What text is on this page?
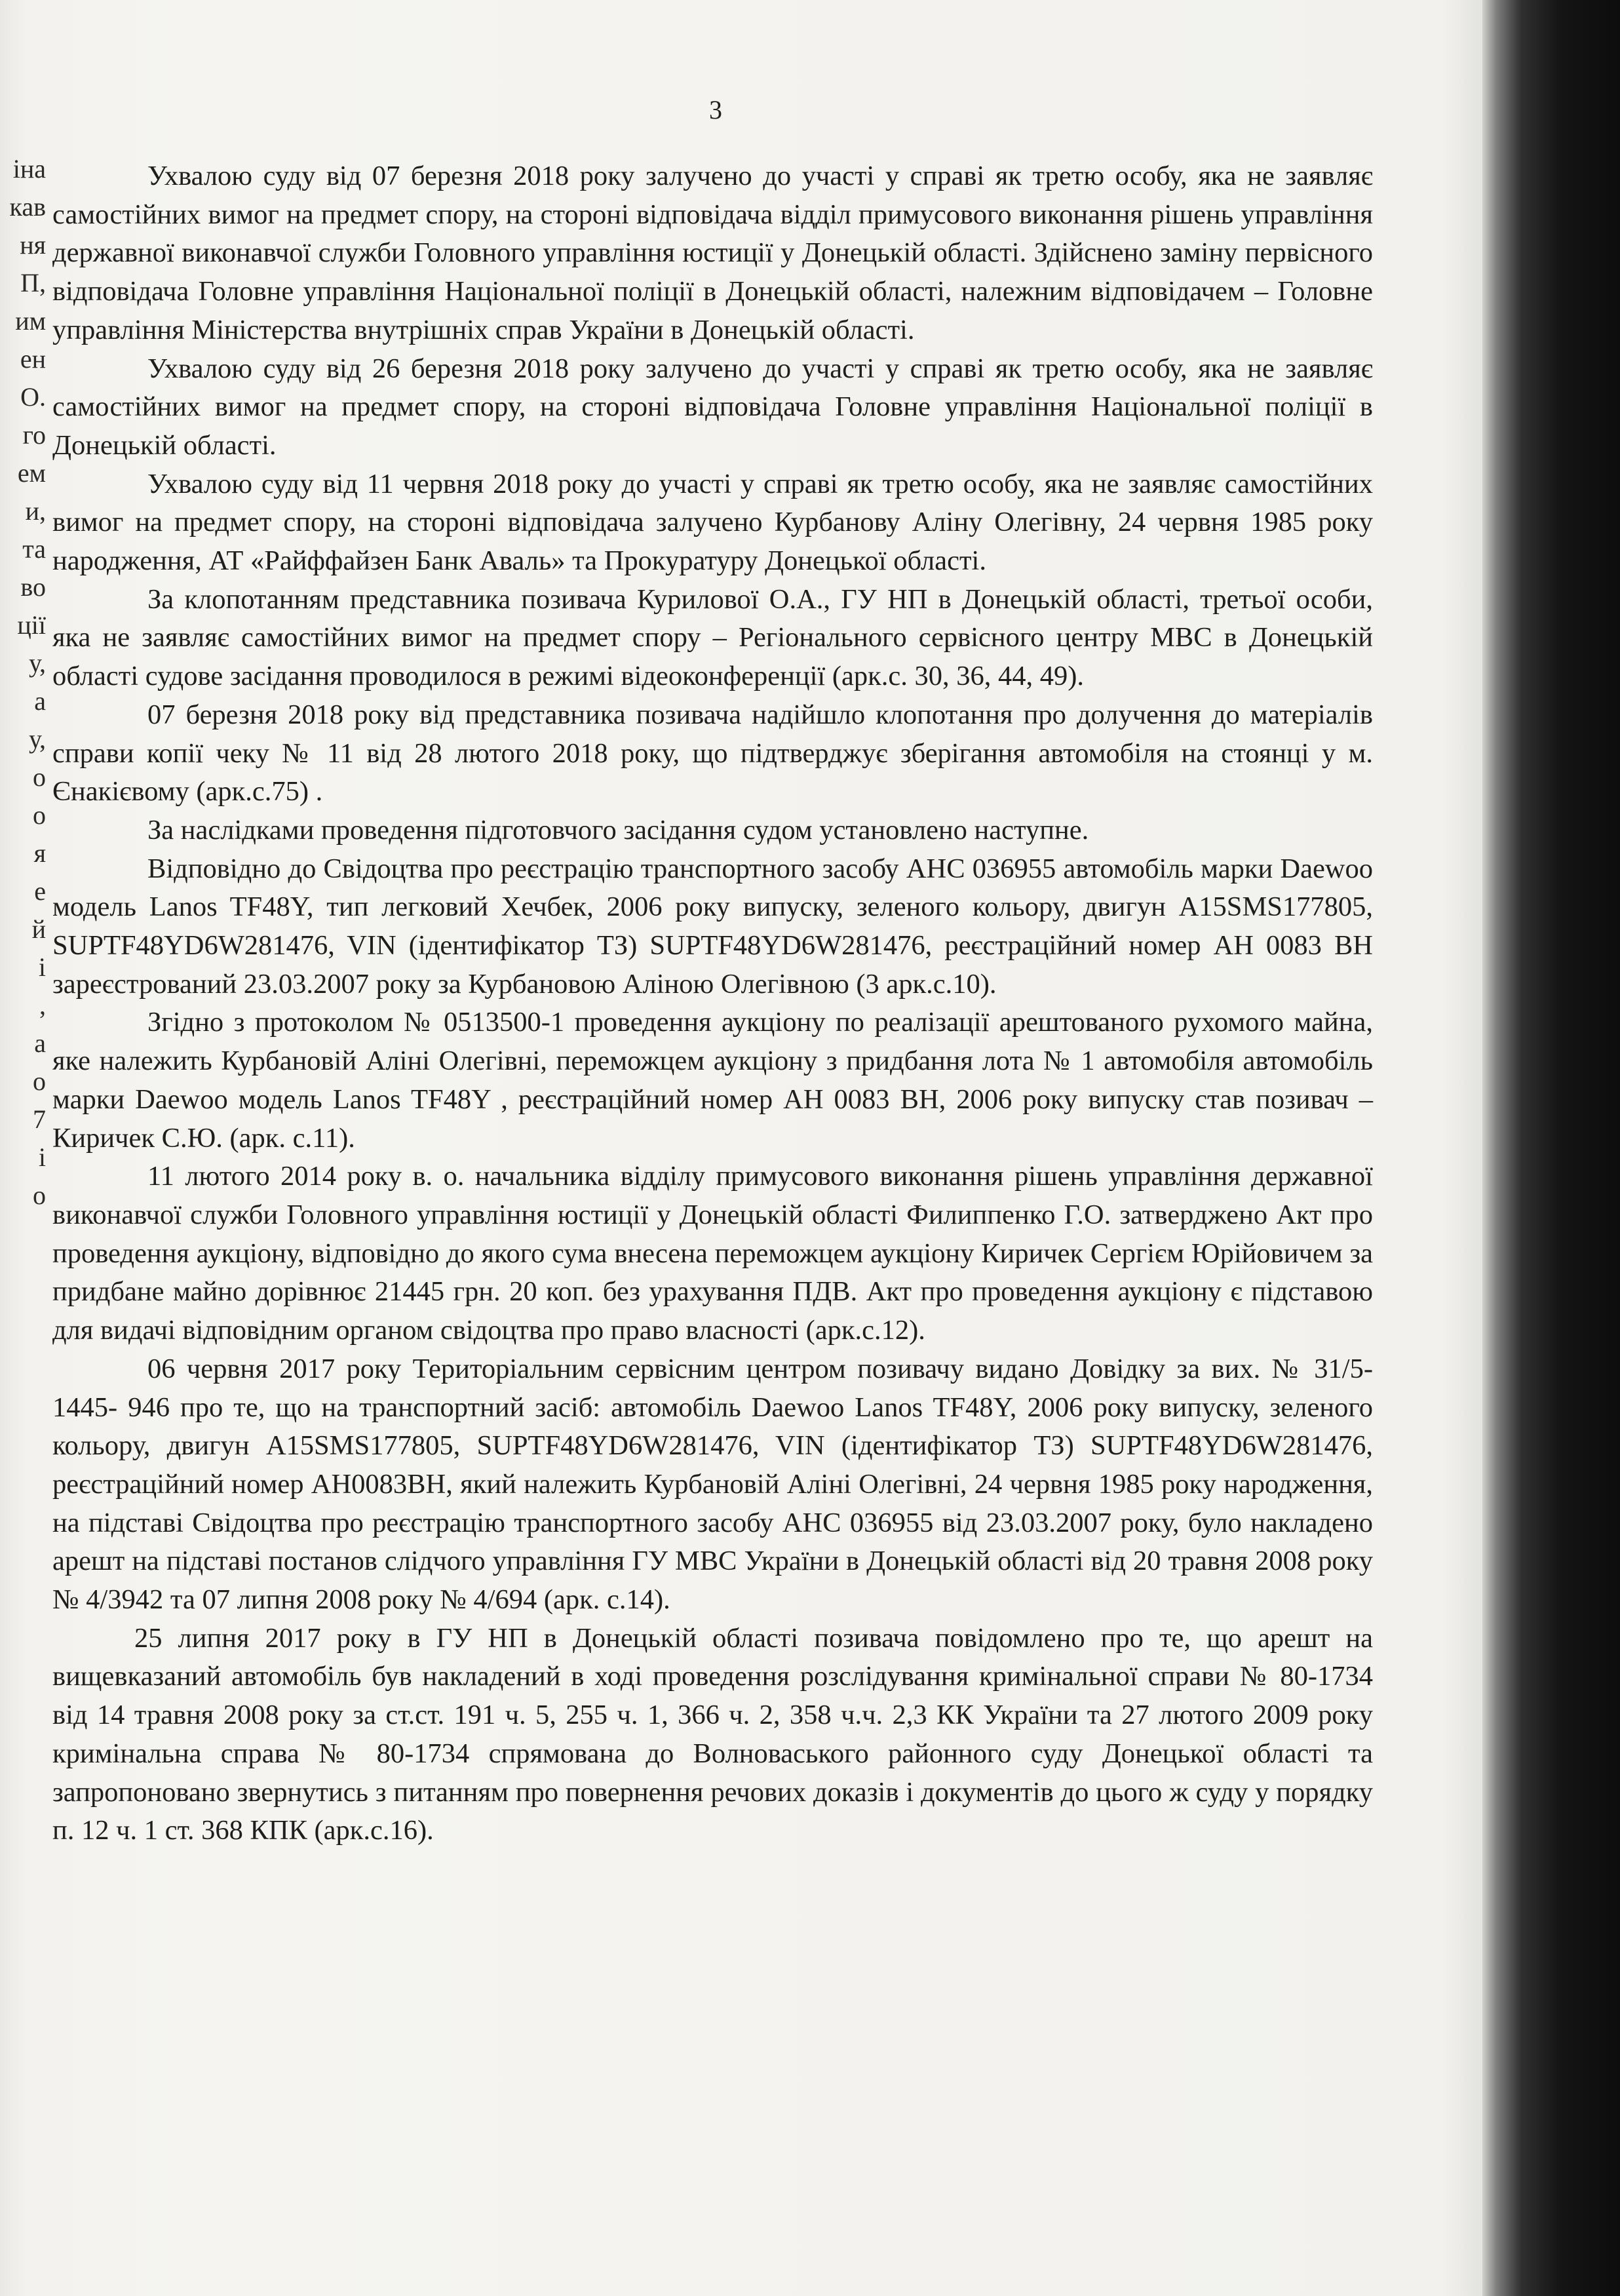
іна
кав
ня
П,
им
ен
О.
го
ем
и,
та
во
ції
у,
а
у,
о
о
я
е
й
і
,
а
о
7
і
о
3

Ухвалою суду від 07 березня 2018 року залучено до участі у справі як третю особу, яка не заявляє самостійних вимог на предмет спору, на стороні відповідача відділ примусового виконання рішень управління державної виконавчої служби Головного управління юстиції у Донецькій області. Здійснено заміну первісного відповідача Головне управління Національної поліції в Донецькій області, належним відповідачем – Головне управління Міністерства внутрішніх справ України в Донецькій області.

Ухвалою суду від 26 березня 2018 року залучено до участі у справі як третю особу, яка не заявляє самостійних вимог на предмет спору, на стороні відповідача Головне управління Національної поліції в Донецькій області.

Ухвалою суду від 11 червня 2018 року до участі у справі як третю особу, яка не заявляє самостійних вимог на предмет спору, на стороні відповідача залучено Курбанову Аліну Олегівну, 24 червня 1985 року народження, АТ «Райффайзен Банк Аваль» та Прокуратуру Донецької області.

За клопотанням представника позивача Курилової О.А., ГУ НП в Донецькій області, третьої особи, яка не заявляє самостійних вимог на предмет спору – Регіонального сервісного центру МВС в Донецькій області судове засідання проводилося в режимі відеоконференції (арк.с. 30, 36, 44, 49).

07 березня 2018 року від представника позивача надійшло клопотання про долучення до матеріалів справи копії чеку № 11 від 28 лютого 2018 року, що підтверджує зберігання автомобіля на стоянці у м. Єнакієвому (арк.с.75) .

За наслідками проведення підготовчого засідання судом установлено наступне.

Відповідно до Свідоцтва про реєстрацію транспортного засобу АНС 036955 автомобіль марки Daewoo модель Lanos TF48Y, тип легковий Хечбек, 2006 року випуску, зеленого кольору, двигун A15SMS177805, SUPTF48YD6W281476, VIN (ідентифікатор ТЗ) SUPTF48YD6W281476, реєстраційний номер АН 0083 ВН зареєстрований 23.03.2007 року за Курбановою Аліною Олегівною (3 арк.с.10).

Згідно з протоколом № 0513500-1 проведення аукціону по реалізації арештованого рухомого майна, яке належить Курбановій Аліні Олегівні, переможцем аукціону з придбання лота № 1 автомобіля автомобіль марки Daewoo модель Lanos TF48Y , реєстраційний номер АН 0083 ВН, 2006 року випуску став позивач – Киричек С.Ю. (арк. с.11).

11 лютого 2014 року в. о. начальника відділу примусового виконання рішень управління державної виконавчої служби Головного управління юстиції у Донецькій області Филиппенко Г.О. затверджено Акт про проведення аукціону, відповідно до якого сума внесена переможцем аукціону Киричек Сергієм Юрійовичем за придбане майно дорівнює 21445 грн. 20 коп. без урахування ПДВ. Акт про проведення аукціону є підставою для видачі відповідним органом свідоцтва про право власності (арк.с.12).

06 червня 2017 року Територіальним сервісним центром позивачу видано Довідку за вих. № 31/5-1445- 946 про те, що на транспортний засіб: автомобіль Daewoo Lanos TF48Y, 2006 року випуску, зеленого кольору, двигун A15SMS177805, SUPTF48YD6W281476, VIN (ідентифікатор ТЗ) SUPTF48YD6W281476, реєстраційний номер АН0083ВН, який належить Курбановій Аліні Олегівні, 24 червня 1985 року народження, на підставі Свідоцтва про реєстрацію транспортного засобу АНС 036955 від 23.03.2007 року, було накладено арешт на підставі постанов слідчого управління ГУ МВС України в Донецькій області від 20 травня 2008 року № 4/3942 та 07 липня 2008 року № 4/694 (арк. с.14).

25 липня 2017 року в ГУ НП в Донецькій області позивача повідомлено про те, що арешт на вищевказаний автомобіль був накладений в ході проведення розслідування кримінальної справи № 80-1734 від 14 травня 2008 року за ст.ст. 191 ч. 5, 255 ч. 1, 366 ч. 2, 358 ч.ч. 2,3 КК України та 27 лютого 2009 року кримінальна справа № 80-1734 спрямована до Волноваського районного суду Донецької області та запропоновано звернутись з питанням про повернення речових доказів і документів до цього ж суду у порядку п. 12 ч. 1 ст. 368 КПК (арк.с.16).
